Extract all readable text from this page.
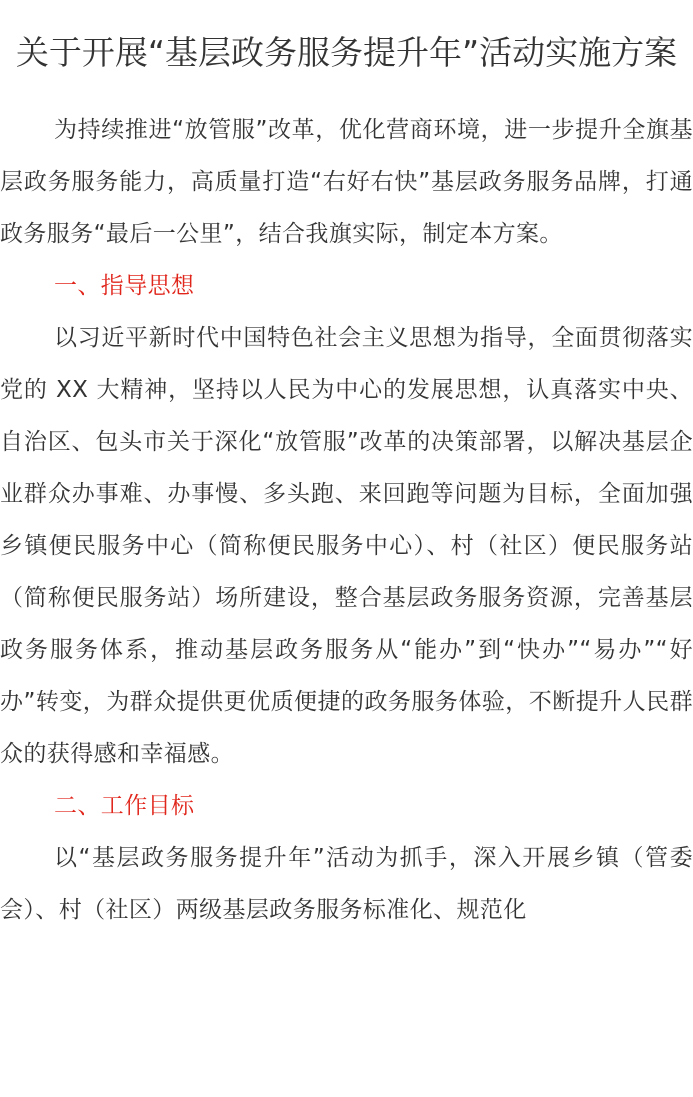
关于开展“基层政务服务提升年”活动实施方案

为持续推进“放管服”改革，优化营商环境，进一步提升全旗基层政务服务能力，高质量打造“右好右快”基层政务服务品牌，打通政务服务“最后一公里”，结合我旗实际，制定本方案。

一、指导思想

以习近平新时代中国特色社会主义思想为指导，全面贯彻落实党的 XX 大精神，坚持以人民为中心的发展思想，认真落实中央、自治区、包头市关于深化“放管服”改革的决策部署，以解决基层企业群众办事难、办事慢、多头跑、来回跑等问题为目标，全面加强乡镇便民服务中心（简称便民服务中心）、村（社区）便民服务站（简称便民服务站）场所建设，整合基层政务服务资源，完善基层政务服务体系，推动基层政务服务从“能办”到“快办”“易办”“好办”转变，为群众提供更优质便捷的政务服务体验，不断提升人民群众的获得感和幸福感。

二、工作目标

以“基层政务服务提升年”活动为抓手，深入开展乡镇（管委会）、村（社区）两级基层政务服务标准化、规范化
